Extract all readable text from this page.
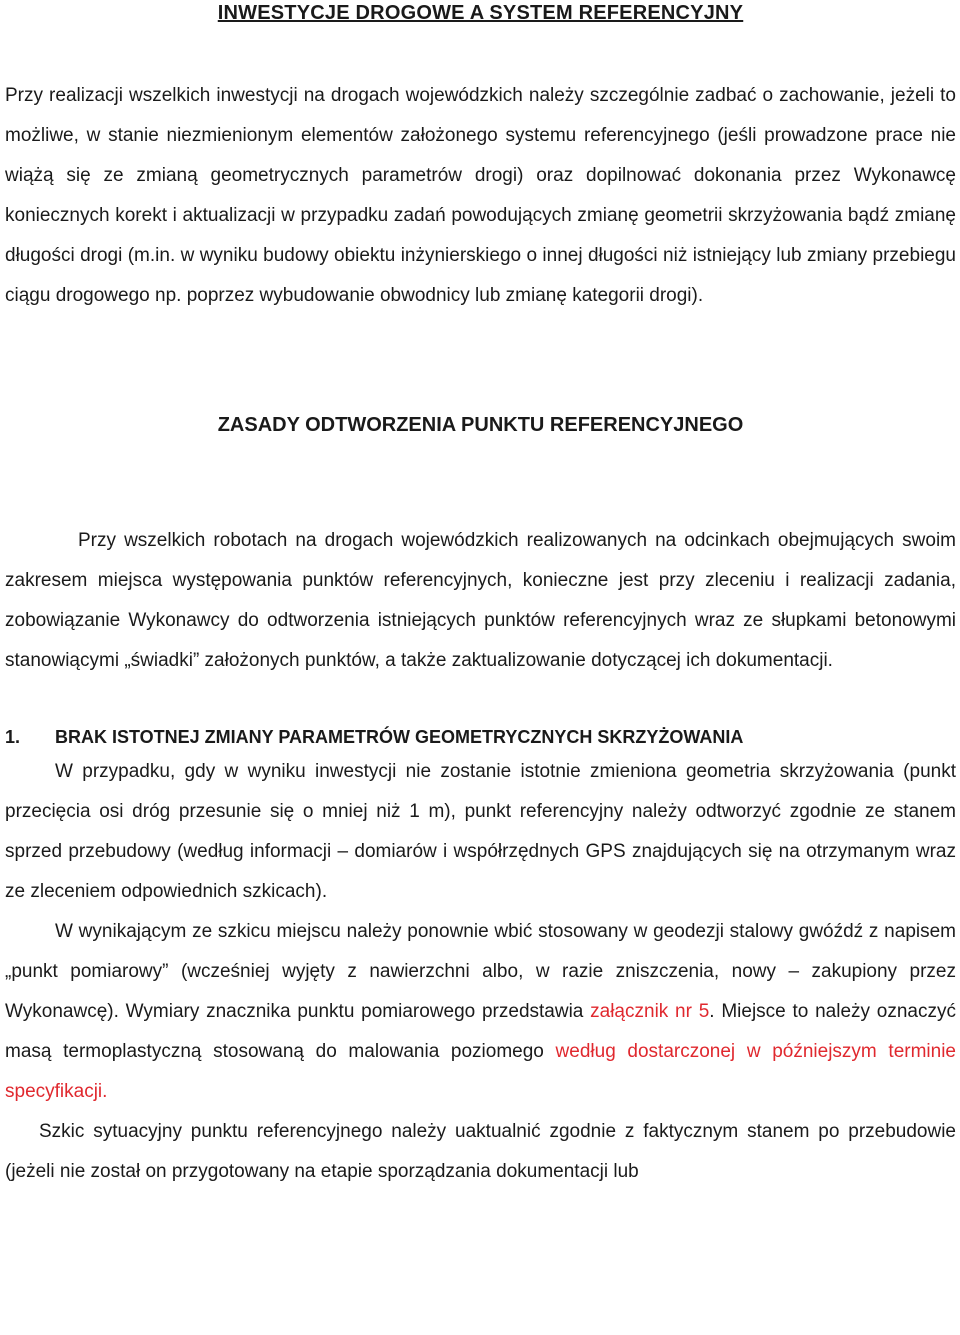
INWESTYCJE DROGOWE A SYSTEM REFERENCYJNY

Przy realizacji wszelkich inwestycji na drogach wojewódzkich należy szczególnie zadbać o zachowanie, jeżeli to możliwe, w stanie niezmienionym elementów założonego systemu referencyjnego (jeśli prowadzone prace nie wiążą się ze zmianą geometrycznych parametrów drogi) oraz dopilnować dokonania przez Wykonawcę koniecznych korekt i aktualizacji w przypadku zadań powodujących zmianę geometrii skrzyżowania bądź zmianę długości drogi (m.in. w wyniku budowy obiektu inżynierskiego o innej długości niż istniejący lub zmiany przebiegu ciągu drogowego np. poprzez wybudowanie obwodnicy lub zmianę kategorii drogi).

ZASADY ODTWORZENIA PUNKTU REFERENCYJNEGO

Przy wszelkich robotach na drogach wojewódzkich realizowanych na odcinkach obejmujących swoim zakresem miejsca występowania punktów referencyjnych, konieczne jest przy zleceniu i realizacji zadania, zobowiązanie Wykonawcy do odtworzenia istniejących punktów referencyjnych wraz ze słupkami betonowymi stanowiącymi „świadki” założonych punktów, a także zaktualizowanie dotyczącej ich dokumentacji.

1.	BRAK ISTOTNEJ ZMIANY PARAMETRÓW GEOMETRYCZNYCH SKRZYŻOWANIA

W przypadku, gdy w wyniku inwestycji nie zostanie istotnie zmieniona geometria skrzyżowania (punkt przecięcia osi dróg przesunie się o mniej niż 1 m), punkt referencyjny należy odtworzyć zgodnie ze stanem sprzed przebudowy (według informacji – domiarów i współrzędnych GPS znajdujących się na otrzymanym wraz ze zleceniem odpowiednich szkicach).

W wynikającym ze szkicu miejscu należy ponownie wbić stosowany w geodezji stalowy gwóźdź z napisem „punkt pomiarowy” (wcześniej wyjęty z nawierzchni albo, w razie zniszczenia, nowy – zakupiony przez Wykonawcę). Wymiary znacznika punktu pomiarowego przedstawia załącznik nr 5. Miejsce to należy oznaczyć masą termoplastyczną stosowaną do malowania poziomego według dostarczonej w późniejszym terminie specyfikacji.

Szkic sytuacyjny punktu referencyjnego należy uaktualnić zgodnie z faktycznym stanem po przebudowie (jeżeli nie został on przygotowany na etapie sporządzania dokumentacji lub
